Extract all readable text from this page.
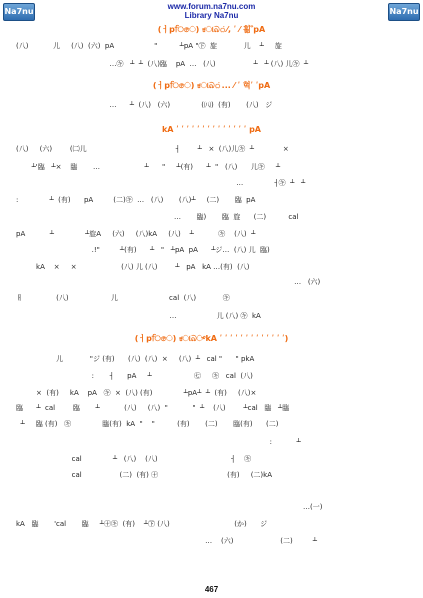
Na7nu	Na7nu
www.forum.na7nu.com
Library Na7nu
(ㅓpਿෙ) ಕାබ்⁄, ʹ ⁄ 횖ʹ҄pA
(八)           儿     (八)  (六)  pA                  "          ┴pA "㊦  㫌            儿    ┴     㫌
…㋖   ┴  ┴  (八)臨    pA  …   (八)                 ┴   ┴ (八) 儿㋖  ┴
(ㅓpਿෙ) ಕାබ்... ⁄ ʹ 혁ʹ ʹpA
…      ┴  (八)   (六)              (㈧)  (有)       (八)   ジ
kA ʹ ʹ ʹ ʹ ʹ ʹ ʹ ʹ ʹ ʹ ʹ ʹ ʹ ʹ pA
(八)     (六)        (㈡儿                                        ┤        ┴   ×  (八)儿㋖  ┴             ×
┴'臨   ┴×    臨       …                    ┴      "     ┴(有)      ┴  "   (八)      儿㋖     ┴
…              ┤㋖  ┴   ┴
:              ┴  (有)      pA         (二)㋖  …   (八)       (八)┴     (二)       臨  pA
…       臨)       臨  㫌      (二)          cal
pA           ┴              ┴㫌A     (六)     (八)kA     (八)    ┴           ㋖    (八)  ┴
.!"         ┴(有)      ┴   "   ┴pA  pA      ┴ジ…  (八) 儿  臨)
kA    ×     ×                    (八) 儿 (八)        ┴   pA   kA …(有)  (八)
…   (六)
ㅐ               (八)                   儿                       cal  (八)            ㋖
…                  儿 (八) ㋖  kA
(ㅓpਿෙ) ಕାබ್kA ʹ ʹ ʹ ʹ ʹ ʹ ʹ ʹ ʹ ʹ ʹ ʹ ʹ)
儿            "ジ (有)      (八)  (八)  ×     (八)  ┴   cal "      " pkA
:       ┤      pA     ┴                   ㊆     ㋖   cal  (八)
×  (有)     kA    pA   ㋖  ×  (八) (有)              ┴pA┴  ┴  (有)     (八)×
臨      ┴  cal        臨       ┴           (八)     (八)  "           "  ┴    (八)        ┴cal   臨   ┴臨
┴     臨 (有)   ㋖              臨(有)  kA  "    "          (有)       (二)       臨(有)      (二)
:           ┴
cal              ┴   (八)    (八)                                 ┤    ㋖
cal                 (二)  (有) ㊉                               (有)     (二)kA
…(一)
kA   臨       'cal       臨     ┴㊉㋖  (有)    ┴㊦ (八)                             (か)      ジ
…    (六)                     (二)         ┴
467
